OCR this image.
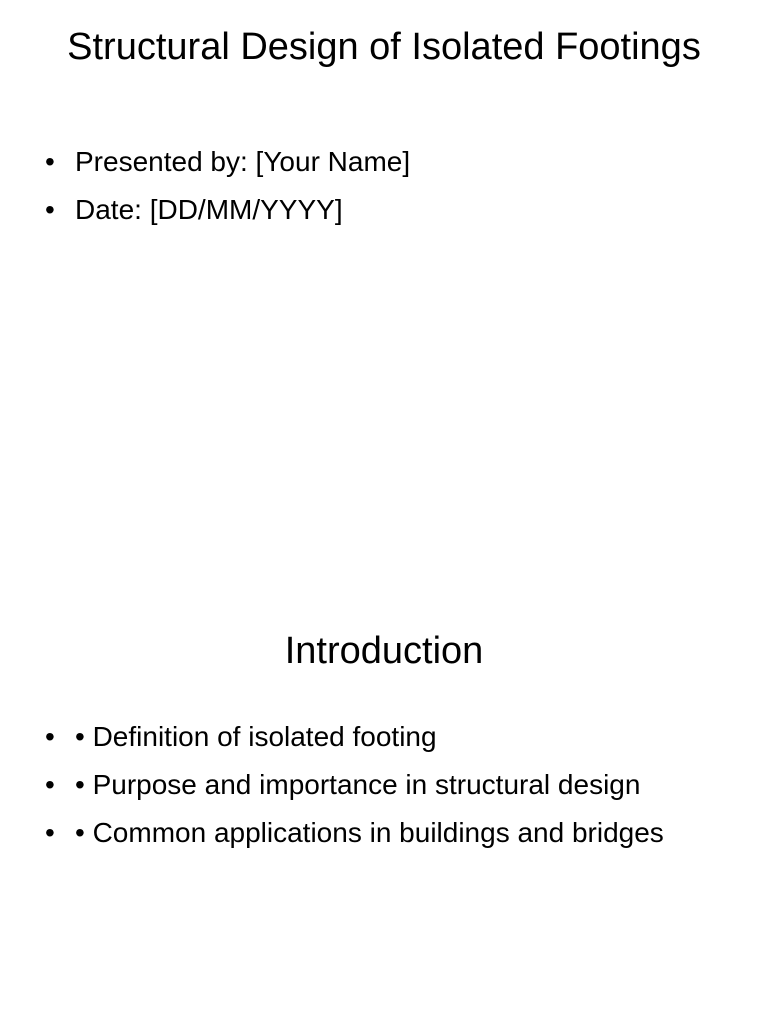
Structural Design of Isolated Footings
• Presented by: [Your Name]
• Date: [DD/MM/YYYY]
Introduction
• • Definition of isolated footing
• • Purpose and importance in structural design
• • Common applications in buildings and bridges
